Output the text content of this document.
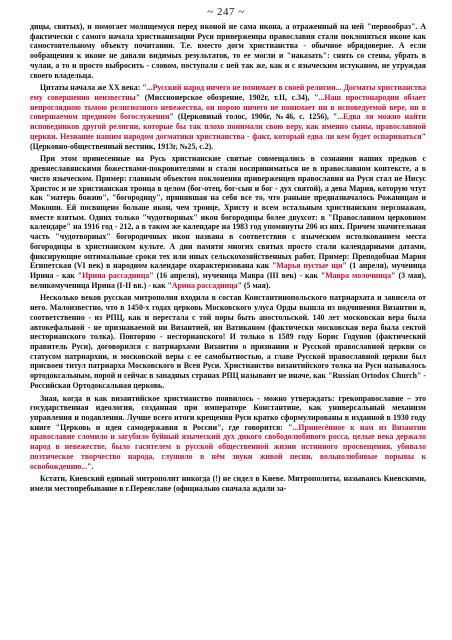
~ 247 ~

дицы, святых), и помогает молящемуся перед иконой не сама икона, а отраженный на ней "первообраз". А фактически с самого начала христианизации Руси приверженцы православия стали поклоняться иконе как самостоятельному объекту почитании. Т.е. вместо догм христианства - обычное обрядоверие. А если ообращения к иконе не давали видимых результатов, то ее могли и "наказать": снять со стены, убрать в чулан, а то и просто выбросить - словом, поступали с ней так же, как и с языческим истуканом, не утруждая своего владельца.

Цитаты начала же XX века: "...Русский народ ничего не понимает в своей религии... Догматы христианства ему совершенно неизвестны" (Миссионерское обозрение, 1902г, т.II, с.34), "...Наш простонародии обзает непроглядною тьмою религиозного невежества, он порою ничего не понимает ни в исповедуемой вере, ни в совершаемом предином богослужении" (Церковный голос, 1906г, №46, с. 1256), "...Едва ли можно найти исповедников другой религии, которые бы так плохо понимали свою веру, как именно сыны, православной церкви. Незнание нашим народом догматики христианства - факт, который едва ли кем будет оспариваться" (Церковно-общественный вестник, 1913г, №25, с.2).

При этом принесенные на Русь христианские святые совмещались в сознании наших предков с древнеславянскими божествами-покровителями и стали восприниматься не в православном контексте, а в чисто языческом. Пример: главным объектом поклонения приверженцев православия на Руси стал не Иисус Христос и не христианская троица в целом (бог-отец, бог-сын и бог - дух святой), а дева Мария, которую чтут как "матерь божию", "богородицу", принявшая на себя все то, что раньше предназначалось Рожаницам и Мокоши. Ей посвящено больше икон, чем троице, Христу и всем остальным христианским персонажам, вместе взятым. Одних только "чудотворных" икон богородицы более двухсот: в "Православном церковном календаре" на 1916 год - 212, а в таком же календаре на 1983 год упомянуты 206 из них. Причем значительная часть "чудотворных" богородичных икон названа в соответствии с языческим истолкованием места богородицы в христианском культе. А дни памяти многих святых просто стали календарными датами, фиксирующие оптимальные сроки тех или иных сельскохозяйственных работ. Пример: Преподобная Мария Египетская (VI век) в народном календаре охарактеризована как "Марья пустые щи" (1 апреля), мученица Ирина - как "Ирина рассадница" (16 апреля), мученица Мавра (III век) - как "Мавра молочница" (3 мая), великомученица Ирина (I-II вв.) - как "Арина рассадница" (5 мая).

Несколько веков русская митрополия входила в состав Константинопольского патриархата и зависела от него. Малоизвестно, что в 1450-х годах церковь Московского улуса Орды вышла из подчинения Византии и, соответственно - из РПЦ, как и перестала с той поры быть апостольской. 140 лет московская вера была автокефальной - не признаваемой ни Византией, ни Ватиканом (фактически московская вера была сектой несторианского толка). Повторяю - несторианского! И только в 1589 году Борис Годунов (фактический правитель Руси), договорился с патриархами Византии о признании и Русской православной церкви со статусом патриархии, и московской веры с ее самобытностью, а главе Русской православной церкви был присвоен титул патриарха Московского и Всея Руси. Христианство византийского толка на Руси называлось ортодоксальным, порой и сейчас в западных странах РПЦ называют не иначе, как "Russian Ortodox Church" - Российская Ортодоксальная церковь.

Зная, когда и как византийское христианство появилось - можно утверждать: грекоправославие – это государственная идеология, созданная при императоре Константине, как универсальный механизм управления и подавления. Лучше всего итоги крещения Руси кратко сформулированы в изданной в 1930 году книге "Церковь и идея самодержавия в России", где говорится: "...Принесённое к нам из Византии православие сломило и загубило буйный языческий дух дикого свободолюбивого росса, целые века держало народ в невежестве, было гасителем в русской общественной жизни истинного просвещения, убивало поэтическое творчество народа, глушило в нём звуки живой песни, вольнолюбивые порывы к освобождению...".

Кстати, Киевский единый митрополит никогда (!) не сидел в Киеве. Митрополиты, называясь Киевскими, имели местопребывание в г.Переяславе (официально сначала ждали за-
